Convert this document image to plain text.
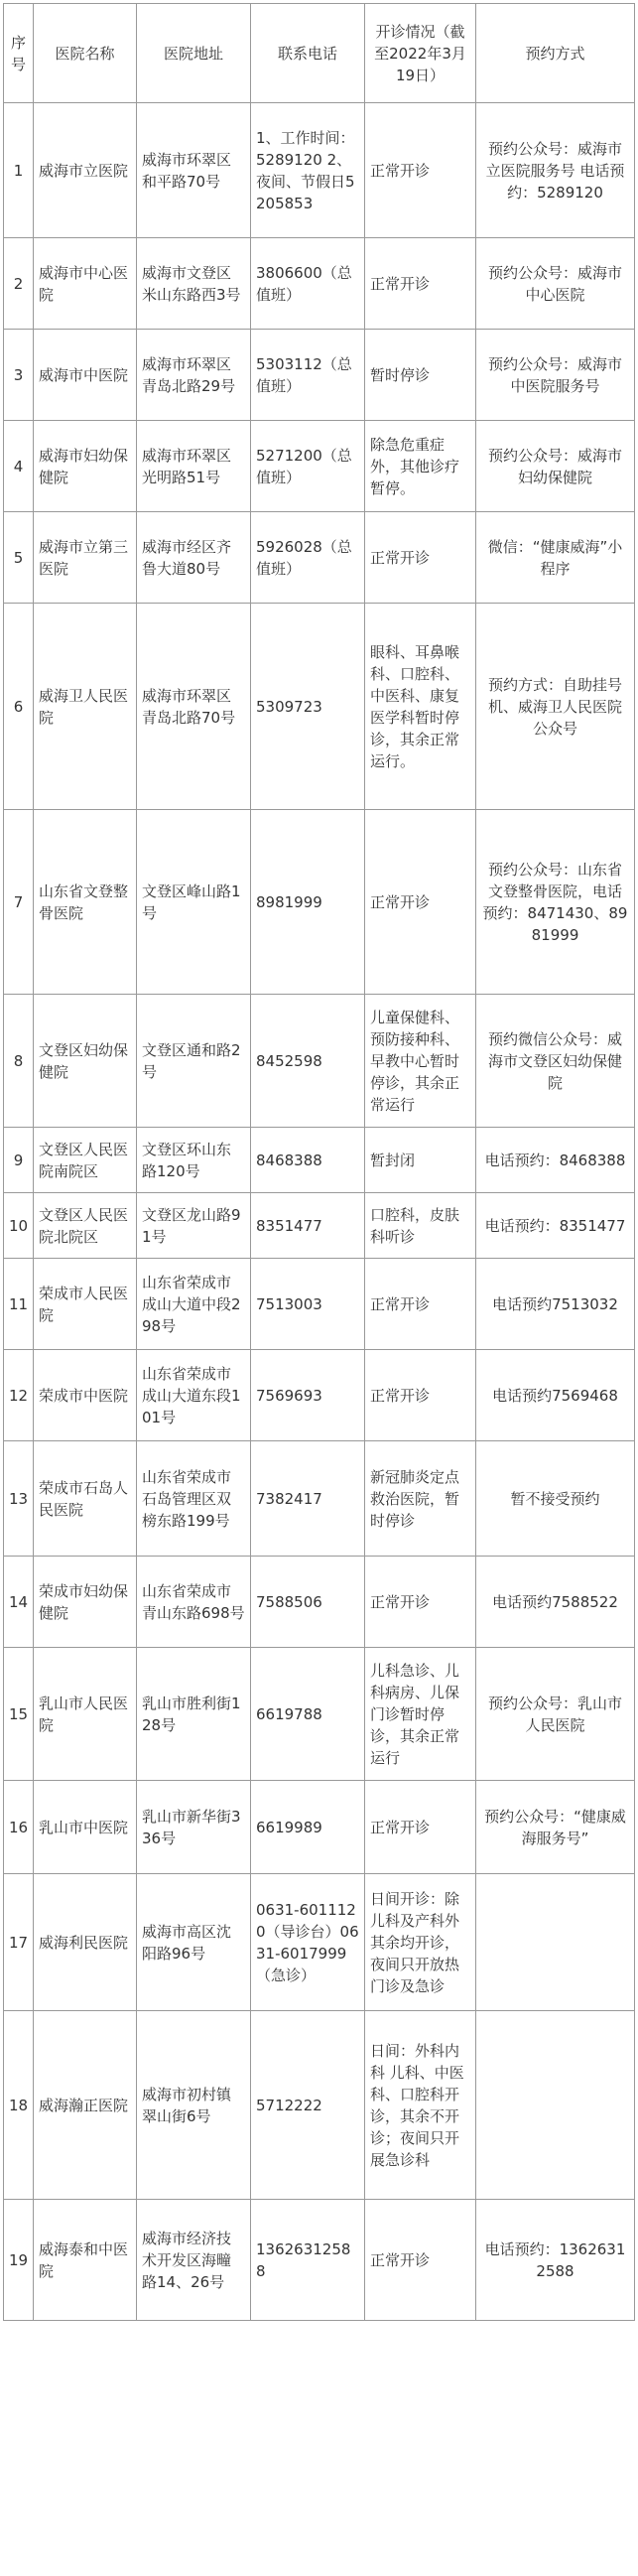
序号	医院名称	医院地址	联系电话	开诊情况（截至2022年3月19日）	预约方式
1	威海市立医院	威海市环翠区和平路70号	1、工作时间：5289120 2、夜间、节假日5205853	正常开诊	预约公众号：威海市立医院服务号 电话预约：5289120
2	威海市中心医院	威海市文登区米山东路西3号	3806600（总值班）	正常开诊	预约公众号：威海市中心医院
3	威海市中医院	威海市环翠区青岛北路29号	5303112（总值班）	暂时停诊	预约公众号：威海市中医院服务号
4	威海市妇幼保健院	威海市环翠区光明路51号	5271200（总值班）	除急危重症外，其他诊疗暂停。	预约公众号：威海市妇幼保健院
5	威海市立第三医院	威海市经区齐鲁大道80号	5926028（总值班）	正常开诊	微信：“健康威海”小程序
6	威海卫人民医院	威海市环翠区青岛北路70号	5309723	眼科、耳鼻喉科、口腔科、中医科、康复医学科暂时停诊，其余正常运行。	预约方式：自助挂号机、威海卫人民医院公众号
7	山东省文登整骨医院	文登区峰山路1号	8981999	正常开诊	预约公众号：山东省文登整骨医院，电话预约：8471430、8981999
8	文登区妇幼保健院	文登区通和路2号	8452598	儿童保健科、预防接种科、早教中心暂时停诊，其余正常运行	预约微信公众号：威海市文登区妇幼保健院
9	文登区人民医院南院区	文登区环山东路120号	8468388	暂封闭	电话预约：8468388
10	文登区人民医院北院区	文登区龙山路91号	8351477	口腔科，皮肤科听诊	电话预约：8351477
11	荣成市人民医院	山东省荣成市成山大道中段298号	7513003	正常开诊	电话预约7513032
12	荣成市中医院	山东省荣成市成山大道东段101号	7569693	正常开诊	电话预约7569468
13	荣成市石岛人民医院	山东省荣成市石岛管理区双榜东路199号	7382417	新冠肺炎定点救治医院，暂时停诊	暂不接受预约
14	荣成市妇幼保健院	山东省荣成市青山东路698号	7588506	正常开诊	电话预约7588522
15	乳山市人民医院	乳山市胜利街128号	6619788	儿科急诊、儿科病房、儿保门诊暂时停诊，其余正常运行	预约公众号：乳山市人民医院
16	乳山市中医院	乳山市新华街336号	6619989	正常开诊	预约公众号：“健康威海服务号”
17	威海利民医院	威海市高区沈阳路96号	0631-6011120（导诊台）0631-6017999（急诊）	日间开诊：除儿科及产科外其余均开诊，夜间只开放热门诊及急诊	
18	威海瀚正医院	威海市初村镇翠山街6号	5712222	日间：外科内科 儿科、中医科、口腔科开诊，其余不开诊；夜间只开展急诊科	
19	威海泰和中医院	威海市经济技术开发区海疃路14、26号	13626312588	正常开诊	电话预约：13626312588
